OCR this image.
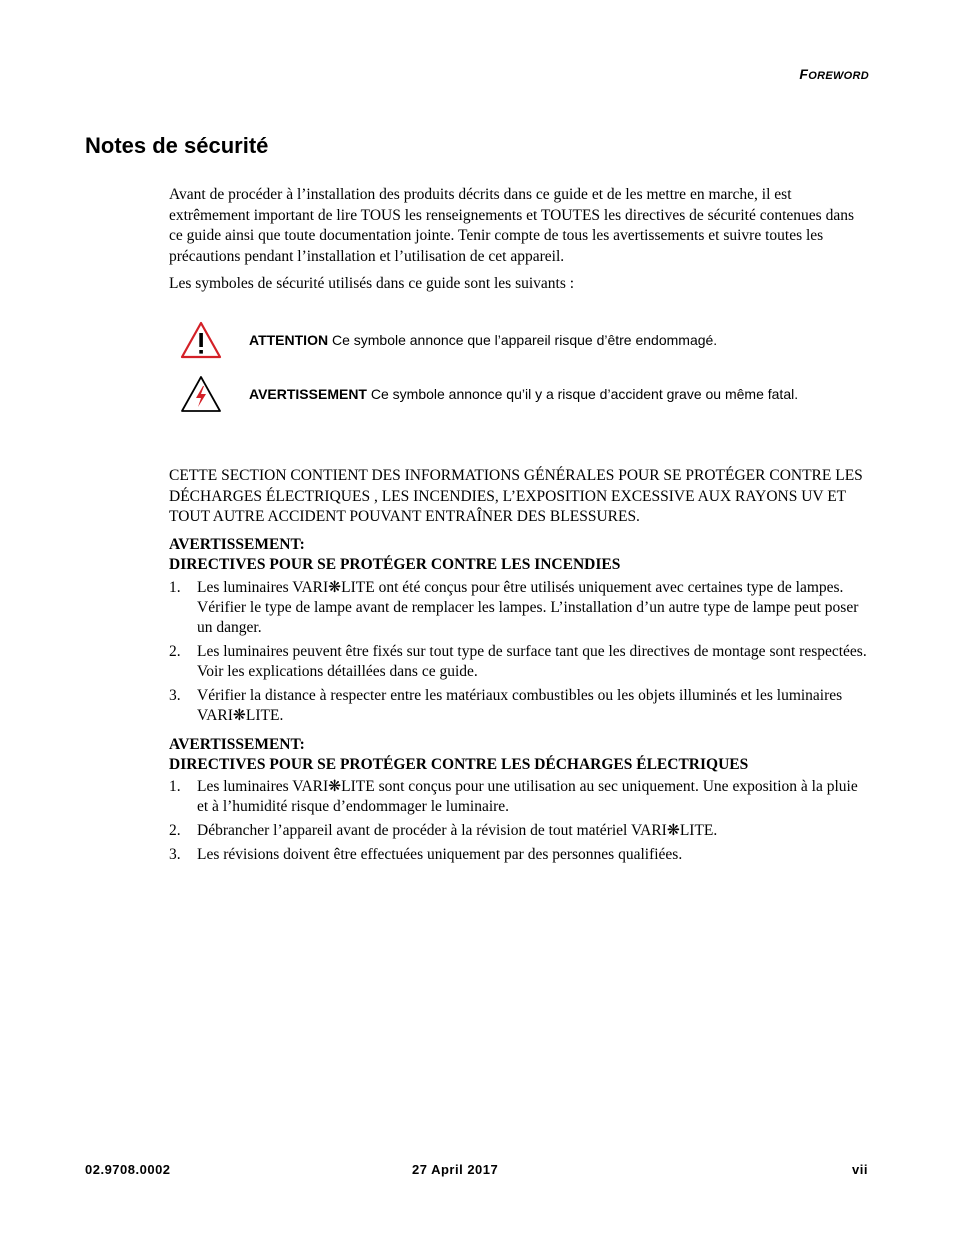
FOREWORD
Notes de sécurité

Avant de procéder à l’installation des produits décrits dans ce guide et de les mettre en marche, il est extrêmement important de lire TOUS les renseignements et TOUTES les directives de sécurité contenues dans ce guide ainsi que toute documentation jointe. Tenir compte de tous les avertissements et suivre toutes les précautions pendant l’installation et l’utilisation de cet appareil.

Les symboles de sécurité utilisés dans ce guide sont les suivants :

ATTENTION Ce symbole annonce que l’appareil risque d’être endommagé.
AVERTISSEMENT Ce symbole annonce qu’il y a risque d’accident grave ou même fatal.

CETTE SECTION CONTIENT DES INFORMATIONS GÉNÉRALES POUR SE PROTÉGER CONTRE LES DÉCHARGES ÉLECTRIQUES , LES INCENDIES, L’EXPOSITION EXCESSIVE AUX RAYONS UV ET TOUT AUTRE ACCIDENT POUVANT ENTRAÎNER DES BLESSURES.

AVERTISSEMENT:
DIRECTIVES POUR SE PROTÉGER CONTRE LES INCENDIES
1. Les luminaires VARI❋LITE ont été conçus pour être utilisés uniquement avec certaines type de lampes. Vérifier le type de lampe avant de remplacer les lampes. L’installation d’un autre type de lampe peut poser un danger.
2. Les luminaires peuvent être fixés sur tout type de surface tant que les directives de montage sont respectées. Voir les explications détaillées dans ce guide.
3. Vérifier la distance à respecter entre les matériaux combustibles ou les objets illuminés et les luminaires VARI❋LITE.
AVERTISSEMENT:
DIRECTIVES POUR SE PROTÉGER CONTRE LES DÉCHARGES ÉLECTRIQUES
1. Les luminaires VARI❋LITE sont conçus pour une utilisation au sec uniquement. Une exposition à la pluie et à l’humidité risque d’endommager le luminaire.
2. Débrancher l’appareil avant de procéder à la révision de tout matériel VARI❋LITE.
3. Les révisions doivent être effectuées uniquement par des personnes qualifiées.
02.9708.0002	27 April 2017	vii
